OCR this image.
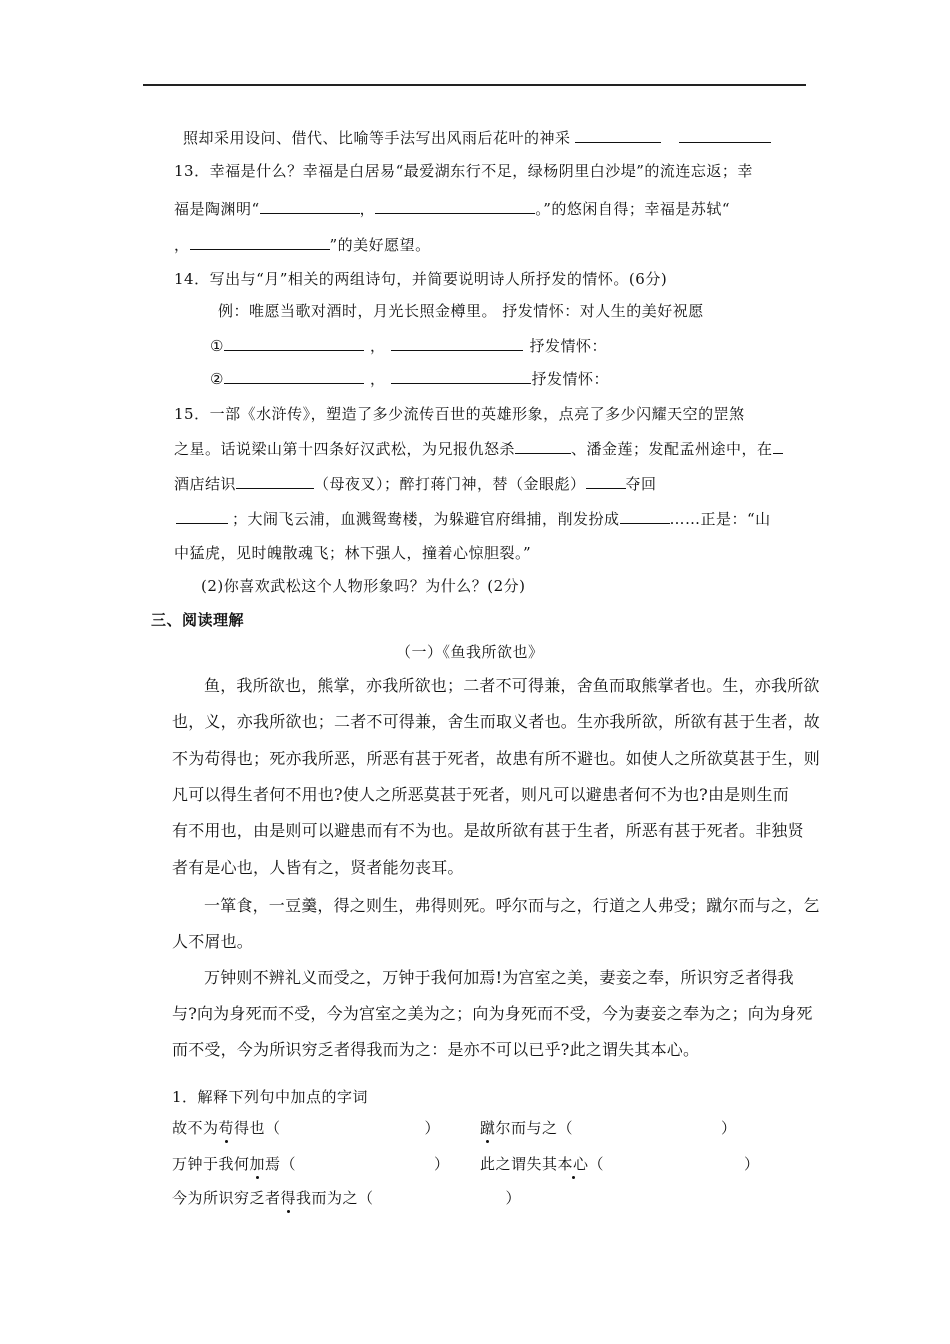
照却采用设问、借代、比喻等手法写出风雨后花叶的神采
13．幸福是什么？幸福是白居易“最爱湖东行不足，绿杨阴里白沙堤”的流连忘返；幸
福是陶渊明“	，	。”的悠闲自得；幸福是苏轼“
，	”的美好愿望。
14．写出与“月”相关的两组诗句，并简要说明诗人所抒发的情怀。(6分)
例：唯愿当歌对酒时，月光长照金樽里。 抒发情怀：对人生的美好祝愿
①	，	抒发情怀：
②	，	抒发情怀：
15．一部《水浒传》，塑造了多少流传百世的英雄形象，点亮了多少闪耀天空的罡煞
之星。话说梁山第十四条好汉武松，为兄报仇怒杀	、潘金莲；发配孟州途中，在
酒店结识	（母夜叉）；醉打蒋门神，替（金眼彪）	夺回
；大闹飞云浦，血溅鸳鸯楼，为躲避官府缉捕，削发扮成	……正是：“山
中猛虎，见时魄散魂飞；林下强人，撞着心惊胆裂。”
(2)你喜欢武松这个人物形象吗？为什么？(2分)
三、阅读理解
（一）《鱼我所欲也》
鱼，我所欲也，熊掌，亦我所欲也；二者不可得兼，舍鱼而取熊掌者也。生，亦我所欲
也，义，亦我所欲也；二者不可得兼，舍生而取义者也。生亦我所欲，所欲有甚于生者，故
不为苟得也；死亦我所恶，所恶有甚于死者，故患有所不避也。如使人之所欲莫甚于生，则
凡可以得生者何不用也?使人之所恶莫甚于死者，则凡可以避患者何不为也?由是则生而
有不用也，由是则可以避患而有不为也。是故所欲有甚于生者，所恶有甚于死者。非独贤
者有是心也，人皆有之，贤者能勿丧耳。
一箪食，一豆羹，得之则生，弗得则死。呼尔而与之，行道之人弗受；蹴尔而与之，乞
人不屑也。
万钟则不辨礼义而受之，万钟于我何加焉!为宫室之美，妻妾之奉，所识穷乏者得我
与?向为身死而不受，今为宫室之美为之；向为身死而不受，今为妻妾之奉为之；向为身死
而不受，今为所识穷乏者得我而为之：是亦不可以已乎?此之谓失其本心。
1．解释下列句中加点的字词
故不为苟得也（	）	蹴尔而与之（	）
万钟于我何加焉（	） 此之谓失其本心（	）
今为所识穷乏者得我而为之（	）
